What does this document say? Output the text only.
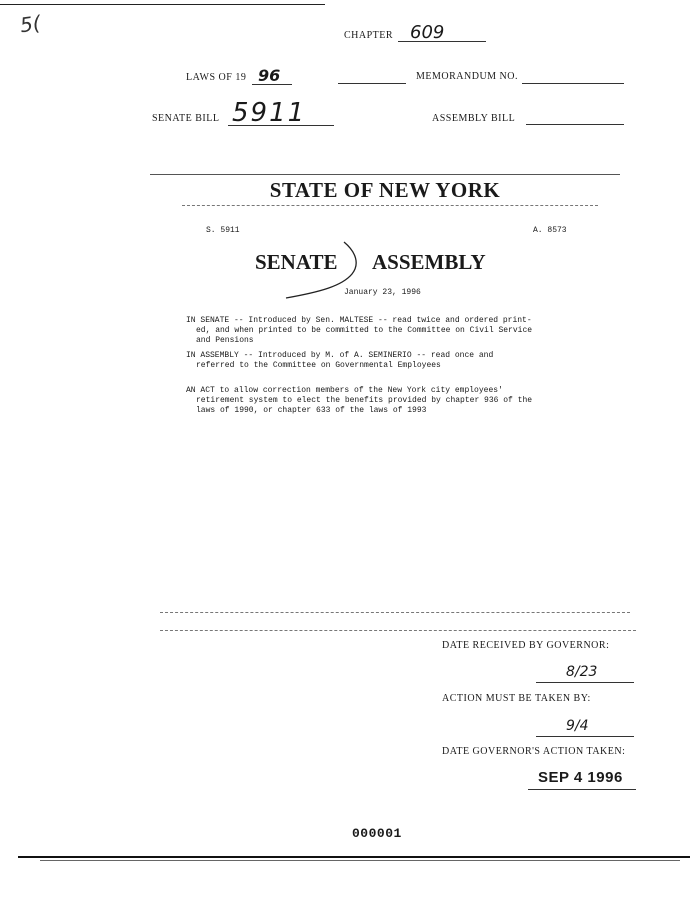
5(	CHAPTER 609
LAWS OF 19 96	MEMORANDUM NO.
SENATE BILL 5911	ASSEMBLY BILL
STATE OF NEW YORK
S. 5911	A. 8573
SENATE ASSEMBLY
January 23, 1996
IN SENATE -- Introduced by Sen. MALTESE -- read twice and ordered print-
ed, and when printed to be committed to the Committee on Civil Service
and Pensions
IN ASSEMBLY -- Introduced by M. of A. SEMINERIO -- read once and
referred to the Committee on Governmental Employees
AN ACT to allow correction members of the New York city employees'
retirement system to elect the benefits provided by chapter 936 of the
laws of 1990, or chapter 633 of the laws of 1993
DATE RECEIVED BY GOVERNOR:
8/23
ACTION MUST BE TAKEN BY:
9/4
DATE GOVERNOR'S ACTION TAKEN:
SEP 4 1996
000001
